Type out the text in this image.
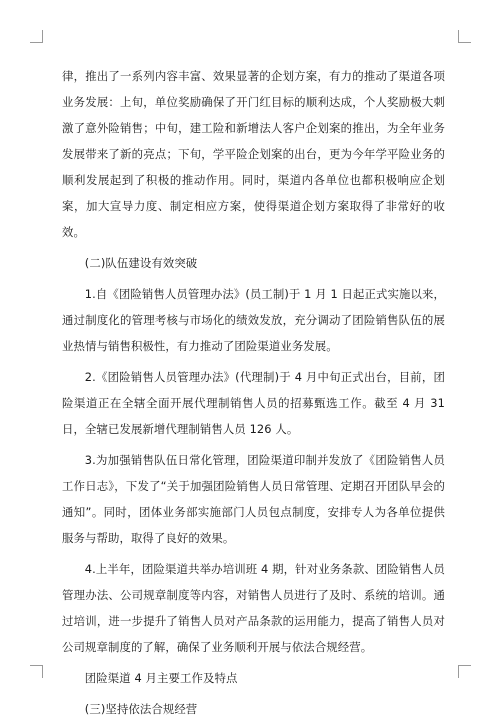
律，推出了一系列内容丰富、效果显著的企划方案，有力的推动了渠道各项业务发展：上旬，单位奖励确保了开门红目标的顺利达成，个人奖励极大刺激了意外险销售；中旬，建工险和新增法人客户企划案的推出，为全年业务发展带来了新的亮点；下旬，学平险企划案的出台，更为今年学平险业务的顺利发展起到了积极的推动作用。同时，渠道内各单位也都积极响应企划案，加大宣导力度、制定相应方案，使得渠道企划方案取得了非常好的收效。

(二)队伍建设有效突破

1.自《团险销售人员管理办法》(员工制)于 1 月 1 日起正式实施以来，通过制度化的管理考核与市场化的绩效发放，充分调动了团险销售队伍的展业热情与销售积极性，有力推动了团险渠道业务发展。

2.《团险销售人员管理办法》(代理制)于 4 月中旬正式出台，目前，团险渠道正在全辖全面开展代理制销售人员的招募甄选工作。截至 4 月 31 日，全辖已发展新增代理制销售人员 126 人。

3.为加强销售队伍日常化管理，团险渠道印制并发放了《团险销售人员工作日志》，下发了“关于加强团险销售人员日常管理、定期召开团队早会的通知”。同时，团体业务部实施部门人员包点制度，安排专人为各单位提供服务与帮助，取得了良好的效果。

4.上半年，团险渠道共举办培训班 4 期，针对业务条款、团险销售人员管理办法、公司规章制度等内容，对销售人员进行了及时、系统的培训。通过培训，进一步提升了销售人员对产品条款的运用能力，提高了销售人员对公司规章制度的了解，确保了业务顺利开展与依法合规经营。

团险渠道 4 月主要工作及特点

(三)坚持依法合规经营
